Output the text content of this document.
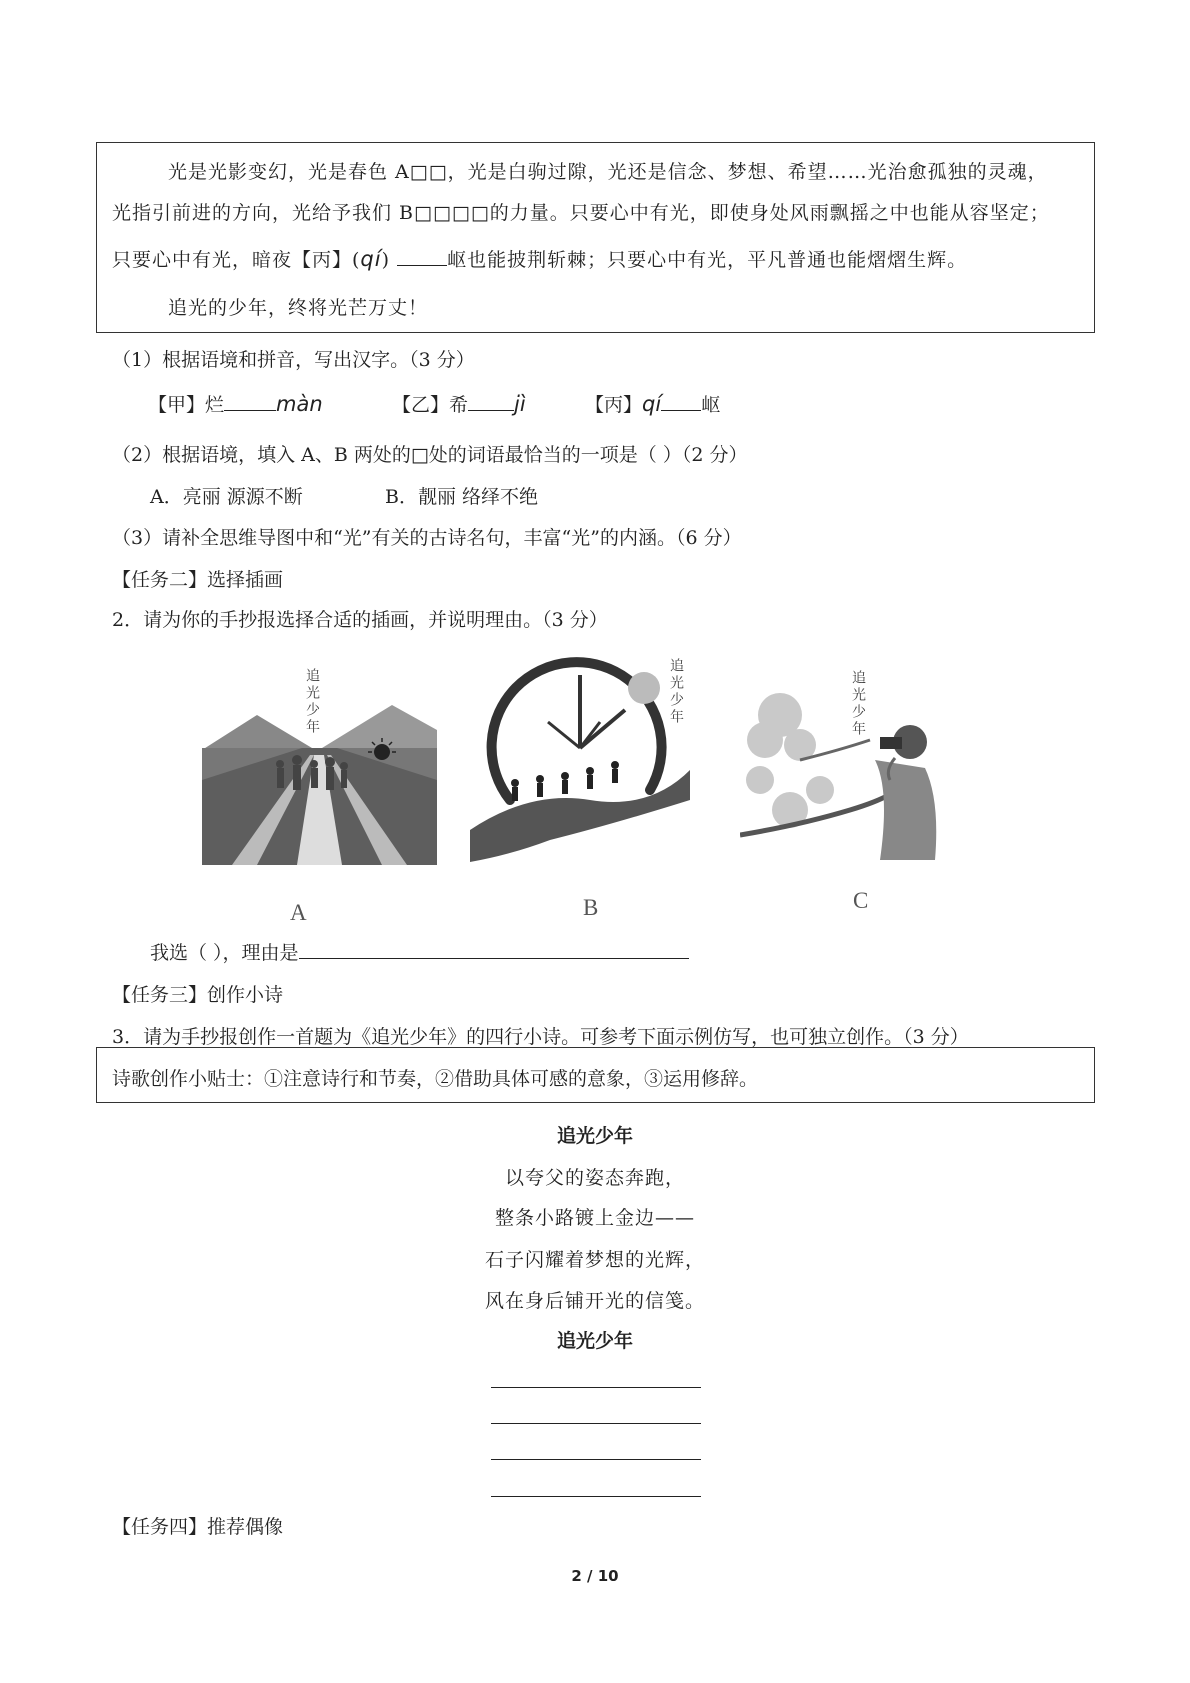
光是光影变幻，光是春色 A□□，光是白驹过隙，光还是信念、梦想、希望……光治愈孤独的灵魂，
光指引前进的方向，光给予我们 B□□□□的力量。只要心中有光，即使身处风雨飘摇之中也能从容坚定；
只要心中有光，暗夜【丙】(qí)	岖也能披荆斩棘；只要心中有光，平凡普通也能熠熠生辉。
追光的少年，终将光芒万丈！
（1）根据语境和拼音，写出汉字。（3 分）
【甲】烂 màn	【乙】希 jì	【丙】qí 岖
（2）根据语境，填入 A、B 两处的□处的词语最恰当的一项是（ ）（2 分）
A．亮丽 源源不断	B．靓丽 络绎不绝
（3）请补全思维导图中和“光”有关的古诗名句，丰富“光”的内涵。（6 分）
【任务二】选择插画
2．请为你的手抄报选择合适的插画，并说明理由。（3 分）
追光少年
A
追光少年
B
追光少年
C
我选（ ），理由是
【任务三】创作小诗
3．请为手抄报创作一首题为《追光少年》的四行小诗。可参考下面示例仿写，也可独立创作。（3 分）
诗歌创作小贴士：①注意诗行和节奏，②借助具体可感的意象，③运用修辞。
追光少年
以夸父的姿态奔跑，
整条小路镀上金边——
石子闪耀着梦想的光辉，
风在身后铺开光的信笺。
追光少年
【任务四】推荐偶像
2 / 10
